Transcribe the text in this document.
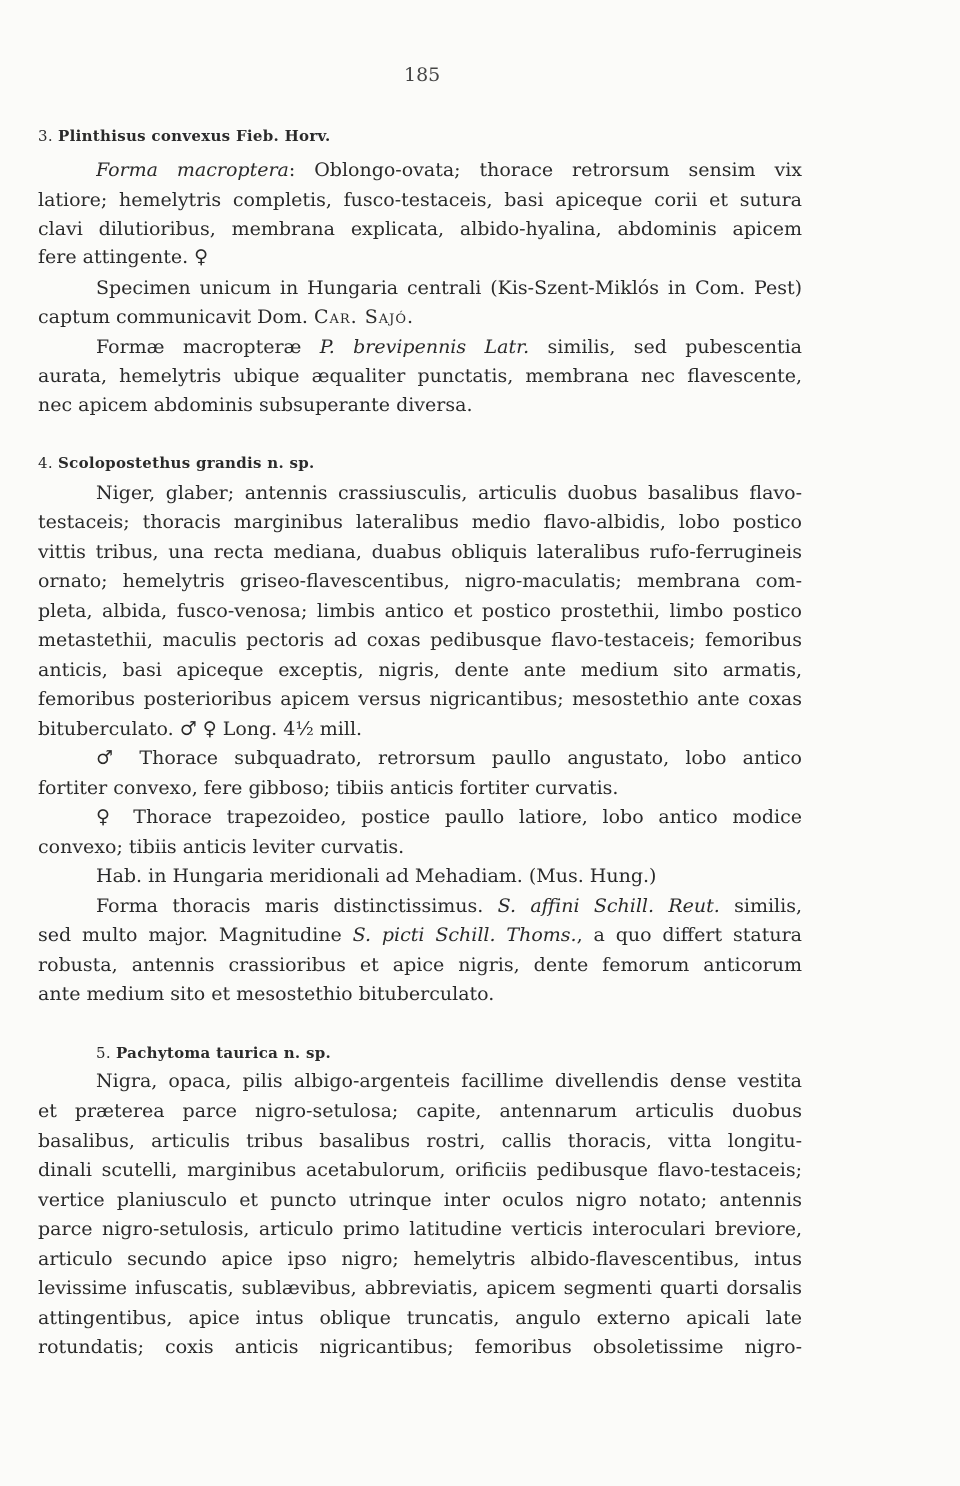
185
3. Plinthisus convexus Fieb. Horv.
Forma macroptera: Oblongo-ovata; thorace retrorsum sensim vix
latiore; hemelytris completis, fusco-testaceis, basi apiceque corii et sutura
clavi dilutioribus, membrana explicata, albido-hyalina, abdominis apicem
fere attingente. ♀
Specimen unicum in Hungaria centrali (Kis-Szent-Miklós in Com. Pest)
captum communicavit Dom. Car. Sajó.
Formæ macropteræ P. brevipennis Latr. similis, sed pubescentia
aurata, hemelytris ubique æqualiter punctatis, membrana nec flavescente,
nec apicem abdominis subsuperante diversa.
4. Scolopostethus grandis n. sp.
Niger, glaber; antennis crassiusculis, articulis duobus basalibus flavo-
testaceis; thoracis marginibus lateralibus medio flavo-albidis, lobo postico
vittis tribus, una recta mediana, duabus obliquis lateralibus rufo-ferrugineis
ornato; hemelytris griseo-flavescentibus, nigro-maculatis; membrana com-
pleta, albida, fusco-venosa; limbis antico et postico prostethii, limbo postico
metastethii, maculis pectoris ad coxas pedibusque flavo-testaceis; femoribus
anticis, basi apiceque exceptis, nigris, dente ante medium sito armatis,
femoribus posterioribus apicem versus nigricantibus; mesostethio ante coxas
bituberculato. ♂ ♀ Long. 4½ mill.
♂ Thorace subquadrato, retrorsum paullo angustato, lobo antico
fortiter convexo, fere gibboso; tibiis anticis fortiter curvatis.
♀ Thorace trapezoideo, postice paullo latiore, lobo antico modice
convexo; tibiis anticis leviter curvatis.
Hab. in Hungaria meridionali ad Mehadiam. (Mus. Hung.)
Forma thoracis maris distinctissimus. S. affini Schill. Reut. similis,
sed multo major. Magnitudine S. picti Schill. Thoms., a quo differt statura
robusta, antennis crassioribus et apice nigris, dente femorum anticorum
ante medium sito et mesostethio bituberculato.
5. Pachytoma taurica n. sp.
Nigra, opaca, pilis albigo-argenteis facillime divellendis dense vestita
et præterea parce nigro-setulosa; capite, antennarum articulis duobus
basalibus, articulis tribus basalibus rostri, callis thoracis, vitta longitu-
dinali scutelli, marginibus acetabulorum, orificiis pedibusque flavo-testaceis;
vertice planiusculo et puncto utrinque inter oculos nigro notato; antennis
parce nigro-setulosis, articulo primo latitudine verticis interoculari breviore,
articulo secundo apice ipso nigro; hemelytris albido-flavescentibus, intus
levissime infuscatis, sublævibus, abbreviatis, apicem segmenti quarti dorsalis
attingentibus, apice intus oblique truncatis, angulo externo apicali late
rotundatis; coxis anticis nigricantibus; femoribus obsoletissime nigro-
